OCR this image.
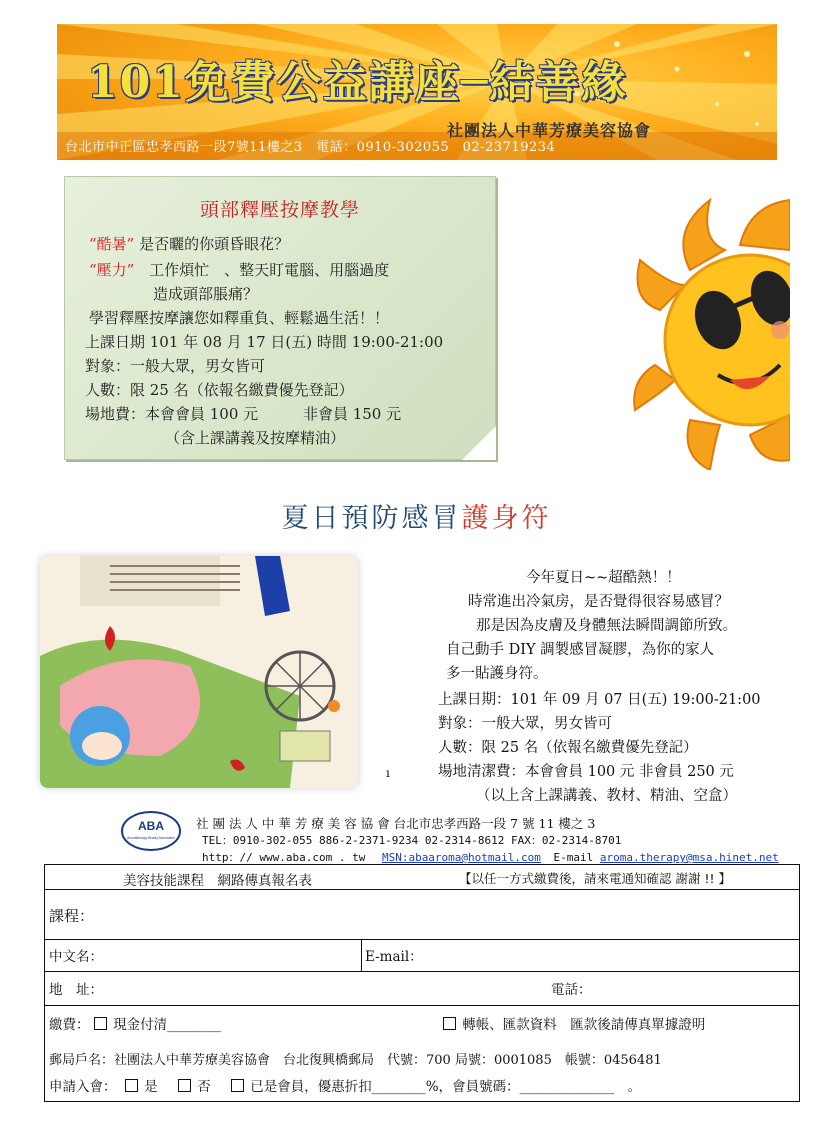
101免費公益講座─結善緣
社團法人中華芳療美容協會
台北市中正區忠孝西路一段7號11樓之3　電話：0910-302055　02-23719234
頭部釋壓按摩教學
“酷暑” 是否曬的你頭昏眼花？
“壓力” 工作煩忙　、整天盯電腦、用腦過度
造成頭部脹痛？
學習釋壓按摩讓您如釋重負、輕鬆過生活！！
上課日期 101 年 08 月 17 日(五) 時間 19:00-21:00
對象：一般大眾，男女皆可
人數：限 25 名（依報名繳費優先登記）
場地費：本會會員 100 元	非會員 150 元
（含上課講義及按摩精油）
夏日預防感冒護身符
今年夏日~~超酷熱！！
時常進出冷氣房，是否覺得很容易感冒？
那是因為皮膚及身體無法瞬間調節所致。
自己動手 DIY 調製感冒凝膠，為你的家人
多一貼護身符。
上課日期：101 年 09 月 07 日(五) 19:00-21:00
對象：一般大眾，男女皆可
人數：限 25 名（依報名繳費優先登記）
場地清潔費：本會會員 100 元 非會員 250 元
（以上含上課講義、教材、精油、空盒）
ı
ABA
Aromatherapy Beauty Association
社 團 法 人 中 華 芳 療 美 容 協 會 台北市忠孝西路一段 7 號 11 樓之 3
TEL：0910-302-055 886-2-2371-9234 02-2314-8612 FAX：02-2314-8701
http：// www.aba.com . tw MSN:abaaroma@hotmail.com E-mail aroma.therapy@msa.hinet.net
美容技能課程　網路傳真報名表	【以任一方式繳費後，請來電通知確認 謝謝 !! 】
課程：
中文名：	E-mail：
地　址：	電話：
繳費： 現金付清________	轉帳、匯款資料　匯款後請傳真單據證明
郵局戶名：社團法人中華芳療美容協會　台北復興橋郵局　代號：700 局號：0001085　帳號：0456481
申請入會： 是	否	已是會員，優惠折扣________%，會員號碼：______________　。
